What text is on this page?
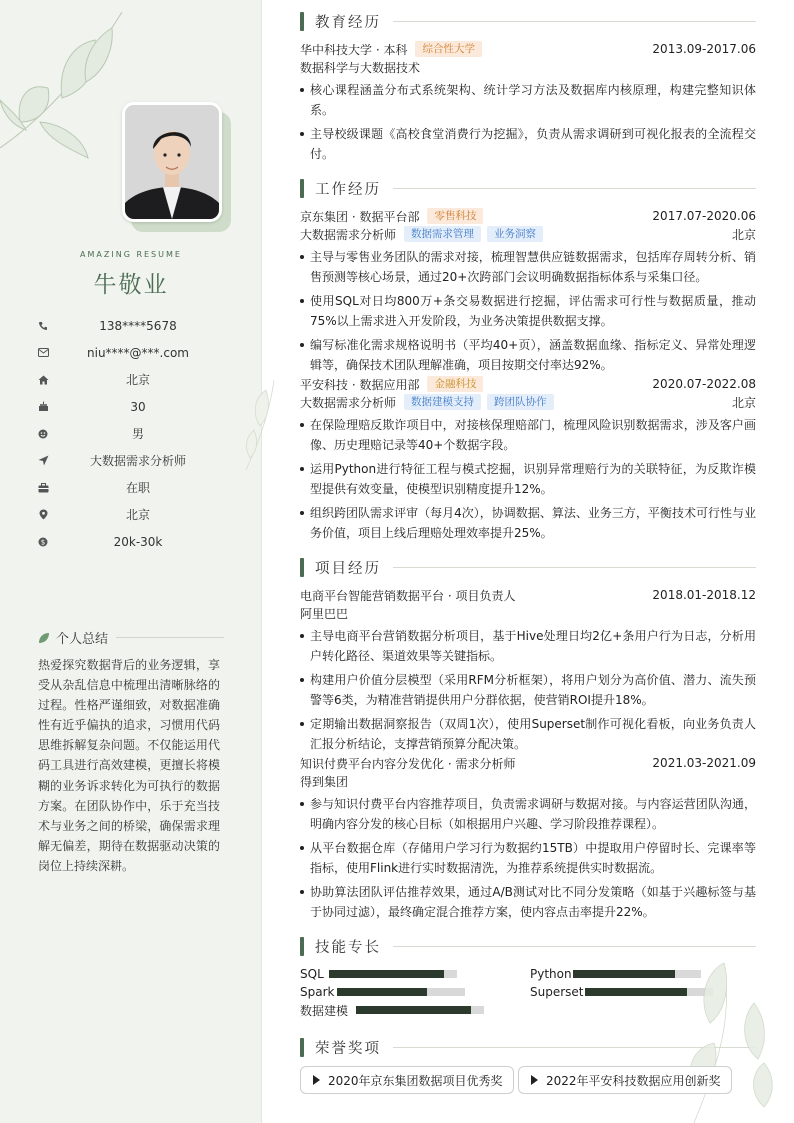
AMAZING RESUME
牛敬业
138****5678
niu****@***.com
北京
30
男
大数据需求分析师
在职
北京
$	20k-30k
个人总结
热爱探究数据背后的业务逻辑，享受从杂乱信息中梳理出清晰脉络的过程。性格严谨细致，对数据准确性有近乎偏执的追求，习惯用代码思维拆解复杂问题。不仅能运用代码工具进行高效建模，更擅长将模糊的业务诉求转化为可执行的数据方案。在团队协作中，乐于充当技术与业务之间的桥梁，确保需求理解无偏差，期待在数据驱动决策的岗位上持续深耕。
教育经历
华中科技大学 · 本科	综合性大学	2013.09-2017.06
数据科学与大数据技术
核心课程涵盖分布式系统架构、统计学习方法及数据库内核原理，构建完整知识体系。
主导校级课题《高校食堂消费行为挖掘》，负责从需求调研到可视化报表的全流程交付。
工作经历
京东集团 · 数据平台部	零售科技	2017.07-2020.06
大数据需求分析师	数据需求管理	业务洞察	北京
主导与零售业务团队的需求对接，梳理智慧供应链数据需求，包括库存周转分析、销售预测等核心场景，通过20+次跨部门会议明确数据指标体系与采集口径。
使用SQL对日均800万+条交易数据进行挖掘，评估需求可行性与数据质量，推动75%以上需求进入开发阶段，为业务决策提供数据支撑。
编写标准化需求规格说明书（平均40+页），涵盖数据血缘、指标定义、异常处理逻辑等，确保技术团队理解准确，项目按期交付率达92%。
平安科技 · 数据应用部	金融科技	2020.07-2022.08
大数据需求分析师	数据建模支持	跨团队协作	北京
在保险理赔反欺诈项目中，对接核保理赔部门，梳理风险识别数据需求，涉及客户画像、历史理赔记录等40+个数据字段。
运用Python进行特征工程与模式挖掘，识别异常理赔行为的关联特征，为反欺诈模型提供有效变量，使模型识别精度提升12%。
组织跨团队需求评审（每月4次），协调数据、算法、业务三方，平衡技术可行性与业务价值，项目上线后理赔处理效率提升25%。
项目经历
电商平台智能营销数据平台 · 项目负责人	2018.01-2018.12
阿里巴巴
主导电商平台营销数据分析项目，基于Hive处理日均2亿+条用户行为日志，分析用户转化路径、渠道效果等关键指标。
构建用户价值分层模型（采用RFM分析框架），将用户划分为高价值、潜力、流失预警等6类，为精准营销提供用户分群依据，使营销ROI提升18%。
定期输出数据洞察报告（双周1次），使用Superset制作可视化看板，向业务负责人汇报分析结论，支撑营销预算分配决策。
知识付费平台内容分发优化 · 需求分析师	2021.03-2021.09
得到集团
参与知识付费平台内容推荐项目，负责需求调研与数据对接。与内容运营团队沟通，明确内容分发的核心目标（如根据用户兴趣、学习阶段推荐课程）。
从平台数据仓库（存储用户学习行为数据约15TB）中提取用户停留时长、完课率等指标，使用Flink进行实时数据清洗，为推荐系统提供实时数据流。
协助算法团队评估推荐效果，通过A/B测试对比不同分发策略（如基于兴趣标签与基于协同过滤），最终确定混合推荐方案，使内容点击率提升22%。
技能专长
SQL	Python
Spark	Superset
数据建模
荣誉奖项
2020年京东集团数据项目优秀奖	2022年平安科技数据应用创新奖
